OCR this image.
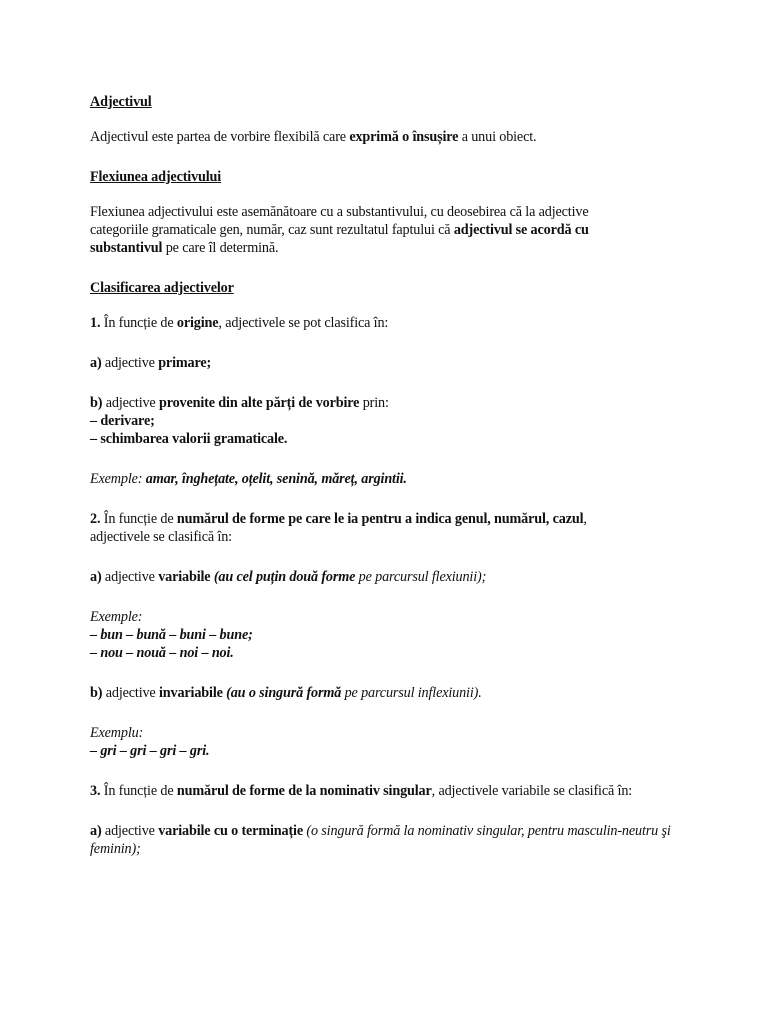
Adjectivul

Adjectivul este partea de vorbire flexibilă care exprimă o însușire a unui obiect.

Flexiunea adjectivului

Flexiunea adjectivului este asemănătoare cu a substantivului, cu deosebirea că la adjective categoriile gramaticale gen, număr, caz sunt rezultatul faptului că adjectivul se acordă cu substantivul pe care îl determină.

Clasificarea adjectivelor

1. În funcție de origine, adjectivele se pot clasifica în:

a) adjective primare;

b) adjective provenite din alte părți de vorbire prin:
– derivare;
– schimbarea valorii gramaticale.

Exemple: amar, înghețate, oțelit, senină, măreț, argintii.

2. În funcție de numărul de forme pe care le ia pentru a indica genul, numărul, cazul,
adjectivele se clasifică în:

a) adjective variabile (au cel puțin două forme pe parcursul flexiunii);

Exemple:
– bun – bună – buni – bune;
– nou – nouă – noi – noi.

b) adjective invariabile (au o singură formă pe parcursul inflexiunii).

Exemplu:
– gri – gri – gri – gri.

3. În funcție de numărul de forme de la nominativ singular, adjectivele variabile se clasifică în:

a) adjective variabile cu o terminație (o singură formă la nominativ singular, pentru masculin-neutru şi feminin);
